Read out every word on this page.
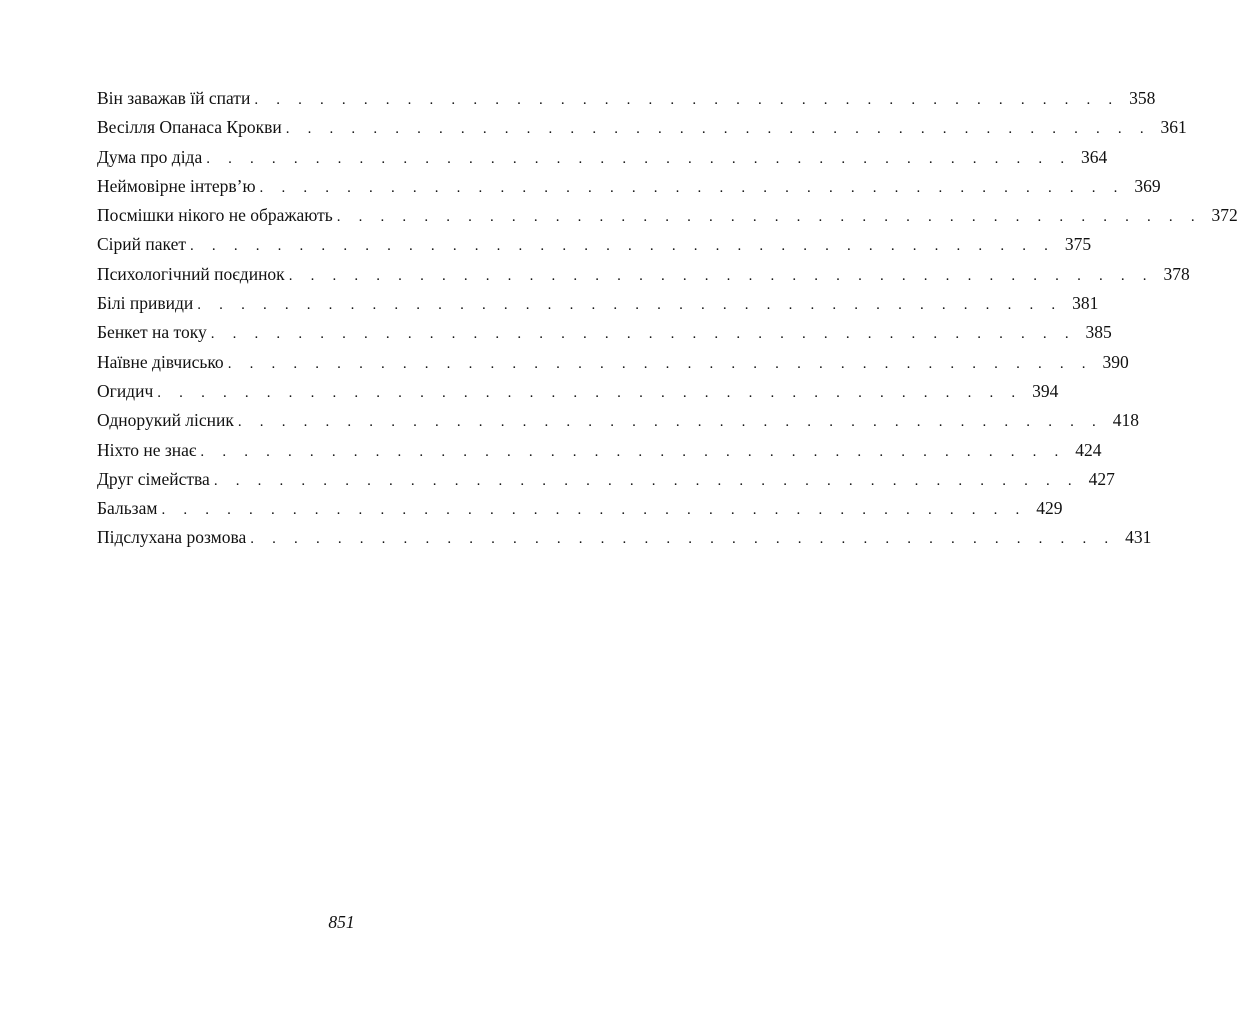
Він заважав їй спати . . . . . . . . . . . . . . . . . . . . . . . . . . . . . . . . . . . . . . . . 358
Весілля Опанаса Крокви . . . . . . . . . . . . . . . . . . . . . . . . . . . . . . . . . . . . . . . . 361
Дума про діда . . . . . . . . . . . . . . . . . . . . . . . . . . . . . . . . . . . . . . . . 364
Неймовірне інтерв’ю . . . . . . . . . . . . . . . . . . . . . . . . . . . . . . . . . . . . . . . . 369
Посмішки нікого не ображають . . . . . . . . . . . . . . . . . . . . . . . . . . . . . . . . . . . . . . . . 372
Сірий пакет . . . . . . . . . . . . . . . . . . . . . . . . . . . . . . . . . . . . . . . . 375
Психологічний поєдинок . . . . . . . . . . . . . . . . . . . . . . . . . . . . . . . . . . . . . . . . 378
Білі привиди . . . . . . . . . . . . . . . . . . . . . . . . . . . . . . . . . . . . . . . . 381
Бенкет на току . . . . . . . . . . . . . . . . . . . . . . . . . . . . . . . . . . . . . . . . 385
Наївне дівчисько . . . . . . . . . . . . . . . . . . . . . . . . . . . . . . . . . . . . . . . . 390
Огидич . . . . . . . . . . . . . . . . . . . . . . . . . . . . . . . . . . . . . . . . 394
Однорукий лісник . . . . . . . . . . . . . . . . . . . . . . . . . . . . . . . . . . . . . . . . 418
Ніхто не знає . . . . . . . . . . . . . . . . . . . . . . . . . . . . . . . . . . . . . . . . 424
Друг сімейства . . . . . . . . . . . . . . . . . . . . . . . . . . . . . . . . . . . . . . . . 427
Бальзам . . . . . . . . . . . . . . . . . . . . . . . . . . . . . . . . . . . . . . . . 429
Підслухана розмова . . . . . . . . . . . . . . . . . . . . . . . . . . . . . . . . . . . . . . . . 431
851
